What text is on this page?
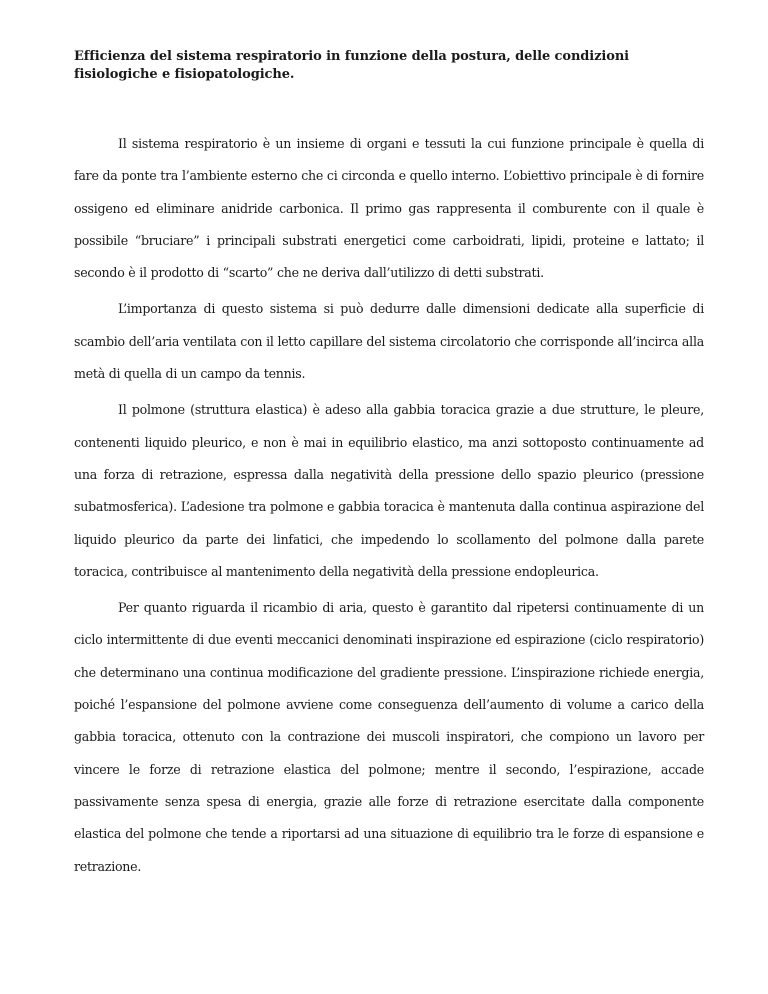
Efficienza del sistema respiratorio in funzione della postura, delle condizioni fisiologiche e fisiopatologiche.

Il sistema respiratorio è un insieme di organi e tessuti la cui funzione principale è quella di fare da ponte tra l’ambiente esterno che ci circonda e quello interno. L’obiettivo principale è di fornire ossigeno ed eliminare anidride carbonica. Il primo gas rappresenta il comburente con il quale è possibile “bruciare” i principali substrati energetici come carboidrati, lipidi, proteine e lattato; il secondo è il prodotto di “scarto” che ne deriva dall’utilizzo di detti substrati.

L’importanza di questo sistema si può dedurre dalle dimensioni dedicate alla superficie di scambio dell’aria ventilata con il letto capillare del sistema circolatorio che corrisponde all’incirca alla metà di quella di un campo da tennis.

Il polmone (struttura elastica) è adeso alla gabbia toracica grazie a due strutture, le pleure, contenenti liquido pleurico, e non è mai in equilibrio elastico, ma anzi sottoposto continuamente ad una forza di retrazione, espressa dalla negatività della pressione dello spazio pleurico (pressione subatmosferica). L’adesione tra polmone e gabbia toracica è mantenuta dalla continua aspirazione del liquido pleurico da parte dei linfatici, che impedendo lo scollamento del polmone dalla parete toracica, contribuisce al mantenimento della negatività della pressione endopleurica.

Per quanto riguarda il ricambio di aria, questo è garantito dal ripetersi continuamente di un ciclo intermittente di due eventi meccanici denominati inspirazione ed espirazione (ciclo respiratorio) che determinano una continua modificazione del gradiente pressione. L’inspirazione richiede energia, poiché l’espansione del polmone avviene come conseguenza dell’aumento di volume a carico della gabbia toracica, ottenuto con la contrazione dei muscoli inspiratori, che compiono un lavoro per vincere le forze di retrazione elastica del polmone; mentre il secondo, l’espirazione, accade passivamente senza spesa di energia, grazie alle forze di retrazione esercitate dalla componente elastica del polmone che tende a riportarsi ad una situazione di equilibrio tra le forze di espansione e retrazione.
